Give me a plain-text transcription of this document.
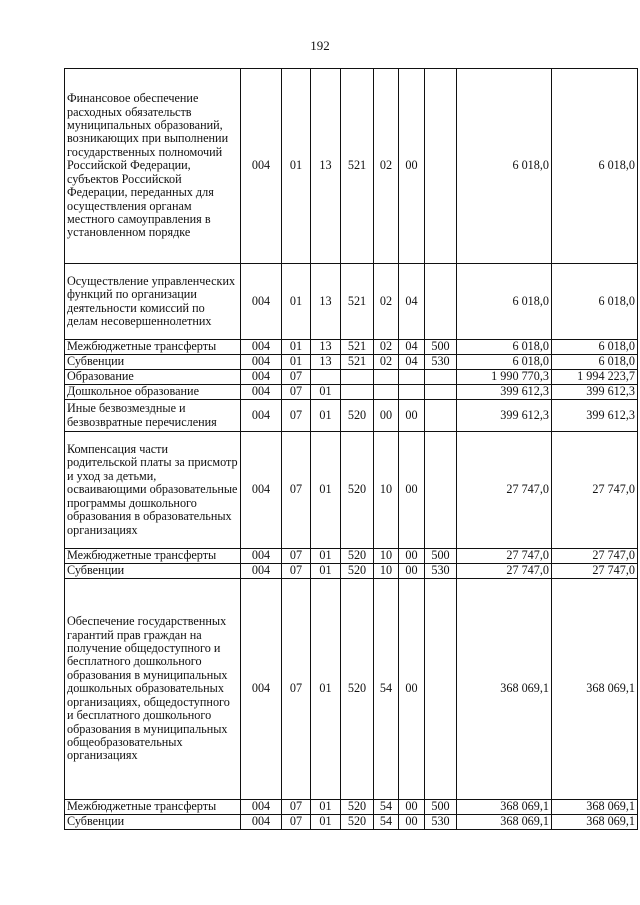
192
Финансовое обеспечение расходных обязательств муниципальных образований, возникающих при выполнении государственных полномочий Российской Федерации, субъектов Российской Федерации, переданных для осуществления органам местного самоуправления в установленном порядке	004	01	13	521	02	00		6 018,0	6 018,0
Осуществление управленческих функций по организации деятельности комиссий по делам несовершеннолетних	004	01	13	521	02	04		6 018,0	6 018,0
Межбюджетные трансферты	004	01	13	521	02	04	500	6 018,0	6 018,0
Субвенции	004	01	13	521	02	04	530	6 018,0	6 018,0
Образование	004	07						1 990 770,3	1 994 223,7
Дошкольное образование	004	07	01					399 612,3	399 612,3
Иные безвозмездные и безвозвратные перечисления	004	07	01	520	00	00		399 612,3	399 612,3
Компенсация части родительской платы за присмотр и уход за детьми, осваивающими образовательные программы дошкольного образования в образовательных организациях	004	07	01	520	10	00		27 747,0	27 747,0
Межбюджетные трансферты	004	07	01	520	10	00	500	27 747,0	27 747,0
Субвенции	004	07	01	520	10	00	530	27 747,0	27 747,0
Обеспечение государственных гарантий прав граждан на получение общедоступного и бесплатного дошкольного образования в муниципальных дошкольных образовательных организациях, общедоступного и бесплатного дошкольного образования в муниципальных общеобразовательных организациях	004	07	01	520	54	00		368 069,1	368 069,1
Межбюджетные трансферты	004	07	01	520	54	00	500	368 069,1	368 069,1
Субвенции	004	07	01	520	54	00	530	368 069,1	368 069,1
